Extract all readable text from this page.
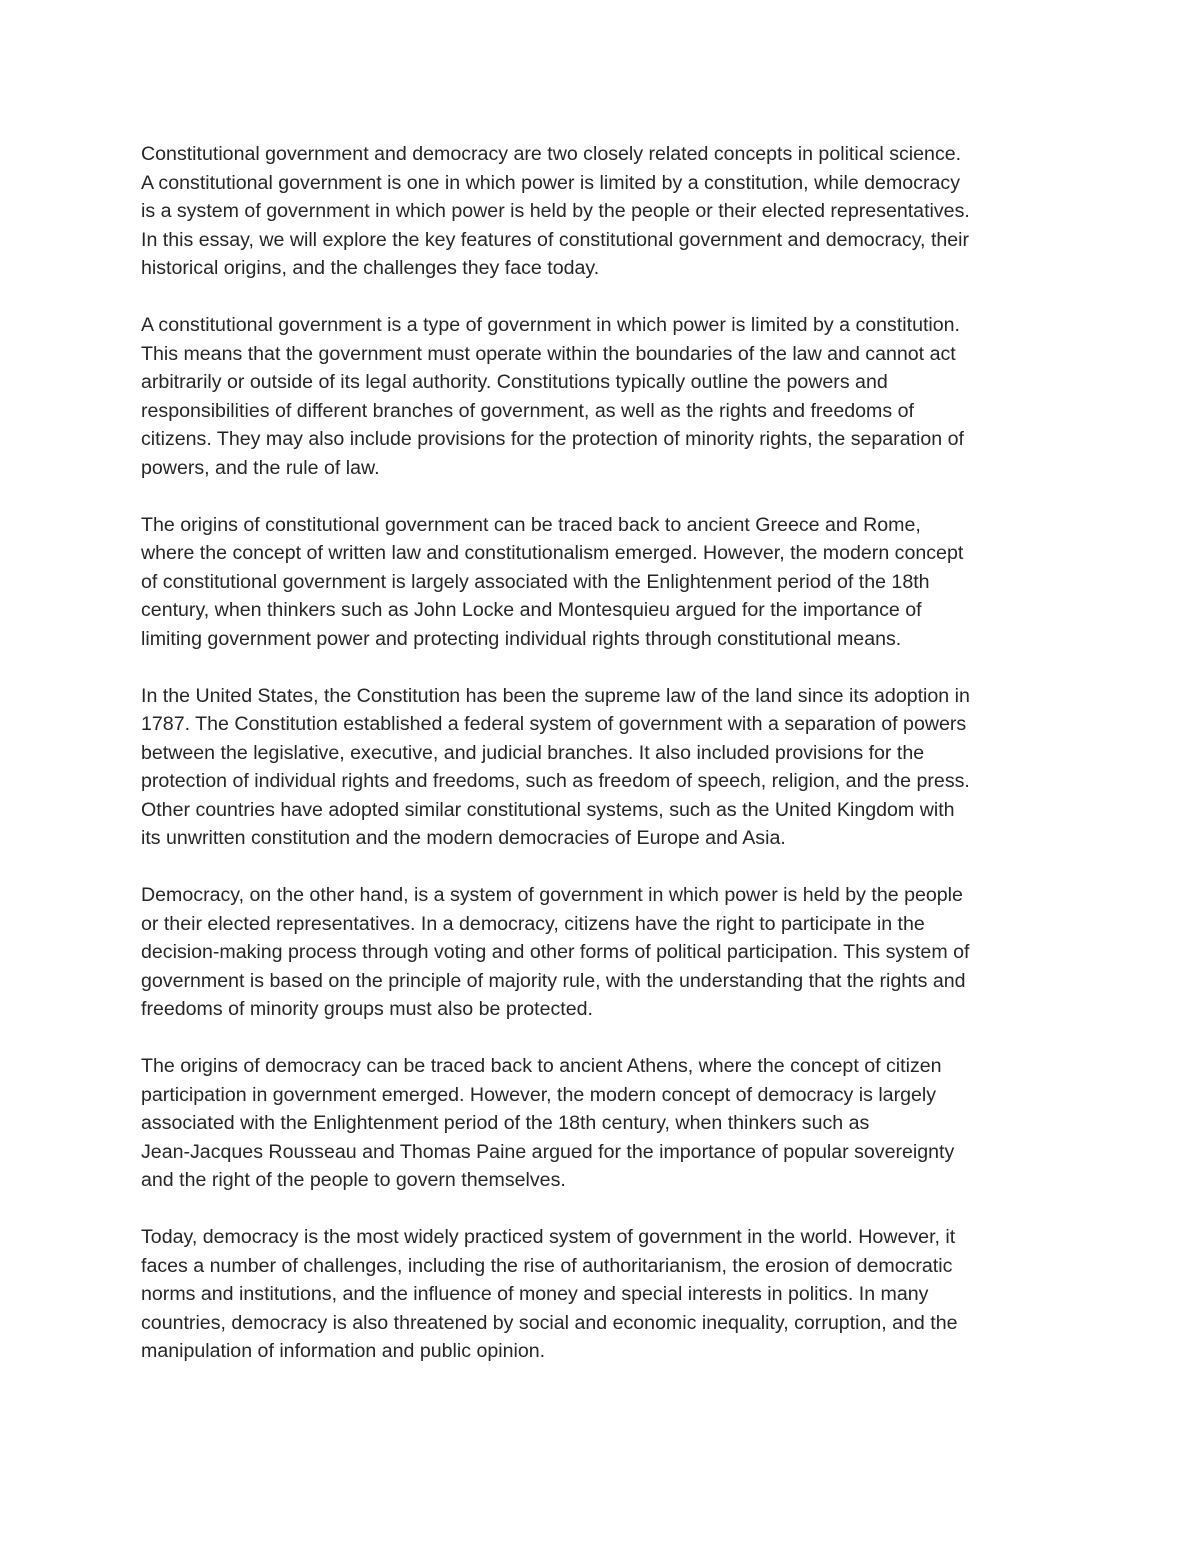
Constitutional government and democracy are two closely related concepts in political science.
A constitutional government is one in which power is limited by a constitution, while democracy
is a system of government in which power is held by the people or their elected representatives.
In this essay, we will explore the key features of constitutional government and democracy, their
historical origins, and the challenges they face today.

A constitutional government is a type of government in which power is limited by a constitution.
This means that the government must operate within the boundaries of the law and cannot act
arbitrarily or outside of its legal authority. Constitutions typically outline the powers and
responsibilities of different branches of government, as well as the rights and freedoms of
citizens. They may also include provisions for the protection of minority rights, the separation of
powers, and the rule of law.

The origins of constitutional government can be traced back to ancient Greece and Rome,
where the concept of written law and constitutionalism emerged. However, the modern concept
of constitutional government is largely associated with the Enlightenment period of the 18th
century, when thinkers such as John Locke and Montesquieu argued for the importance of
limiting government power and protecting individual rights through constitutional means.

In the United States, the Constitution has been the supreme law of the land since its adoption in
1787. The Constitution established a federal system of government with a separation of powers
between the legislative, executive, and judicial branches. It also included provisions for the
protection of individual rights and freedoms, such as freedom of speech, religion, and the press.
Other countries have adopted similar constitutional systems, such as the United Kingdom with
its unwritten constitution and the modern democracies of Europe and Asia.

Democracy, on the other hand, is a system of government in which power is held by the people
or their elected representatives. In a democracy, citizens have the right to participate in the
decision-making process through voting and other forms of political participation. This system of
government is based on the principle of majority rule, with the understanding that the rights and
freedoms of minority groups must also be protected.

The origins of democracy can be traced back to ancient Athens, where the concept of citizen
participation in government emerged. However, the modern concept of democracy is largely
associated with the Enlightenment period of the 18th century, when thinkers such as
Jean-Jacques Rousseau and Thomas Paine argued for the importance of popular sovereignty
and the right of the people to govern themselves.

Today, democracy is the most widely practiced system of government in the world. However, it
faces a number of challenges, including the rise of authoritarianism, the erosion of democratic
norms and institutions, and the influence of money and special interests in politics. In many
countries, democracy is also threatened by social and economic inequality, corruption, and the
manipulation of information and public opinion.
